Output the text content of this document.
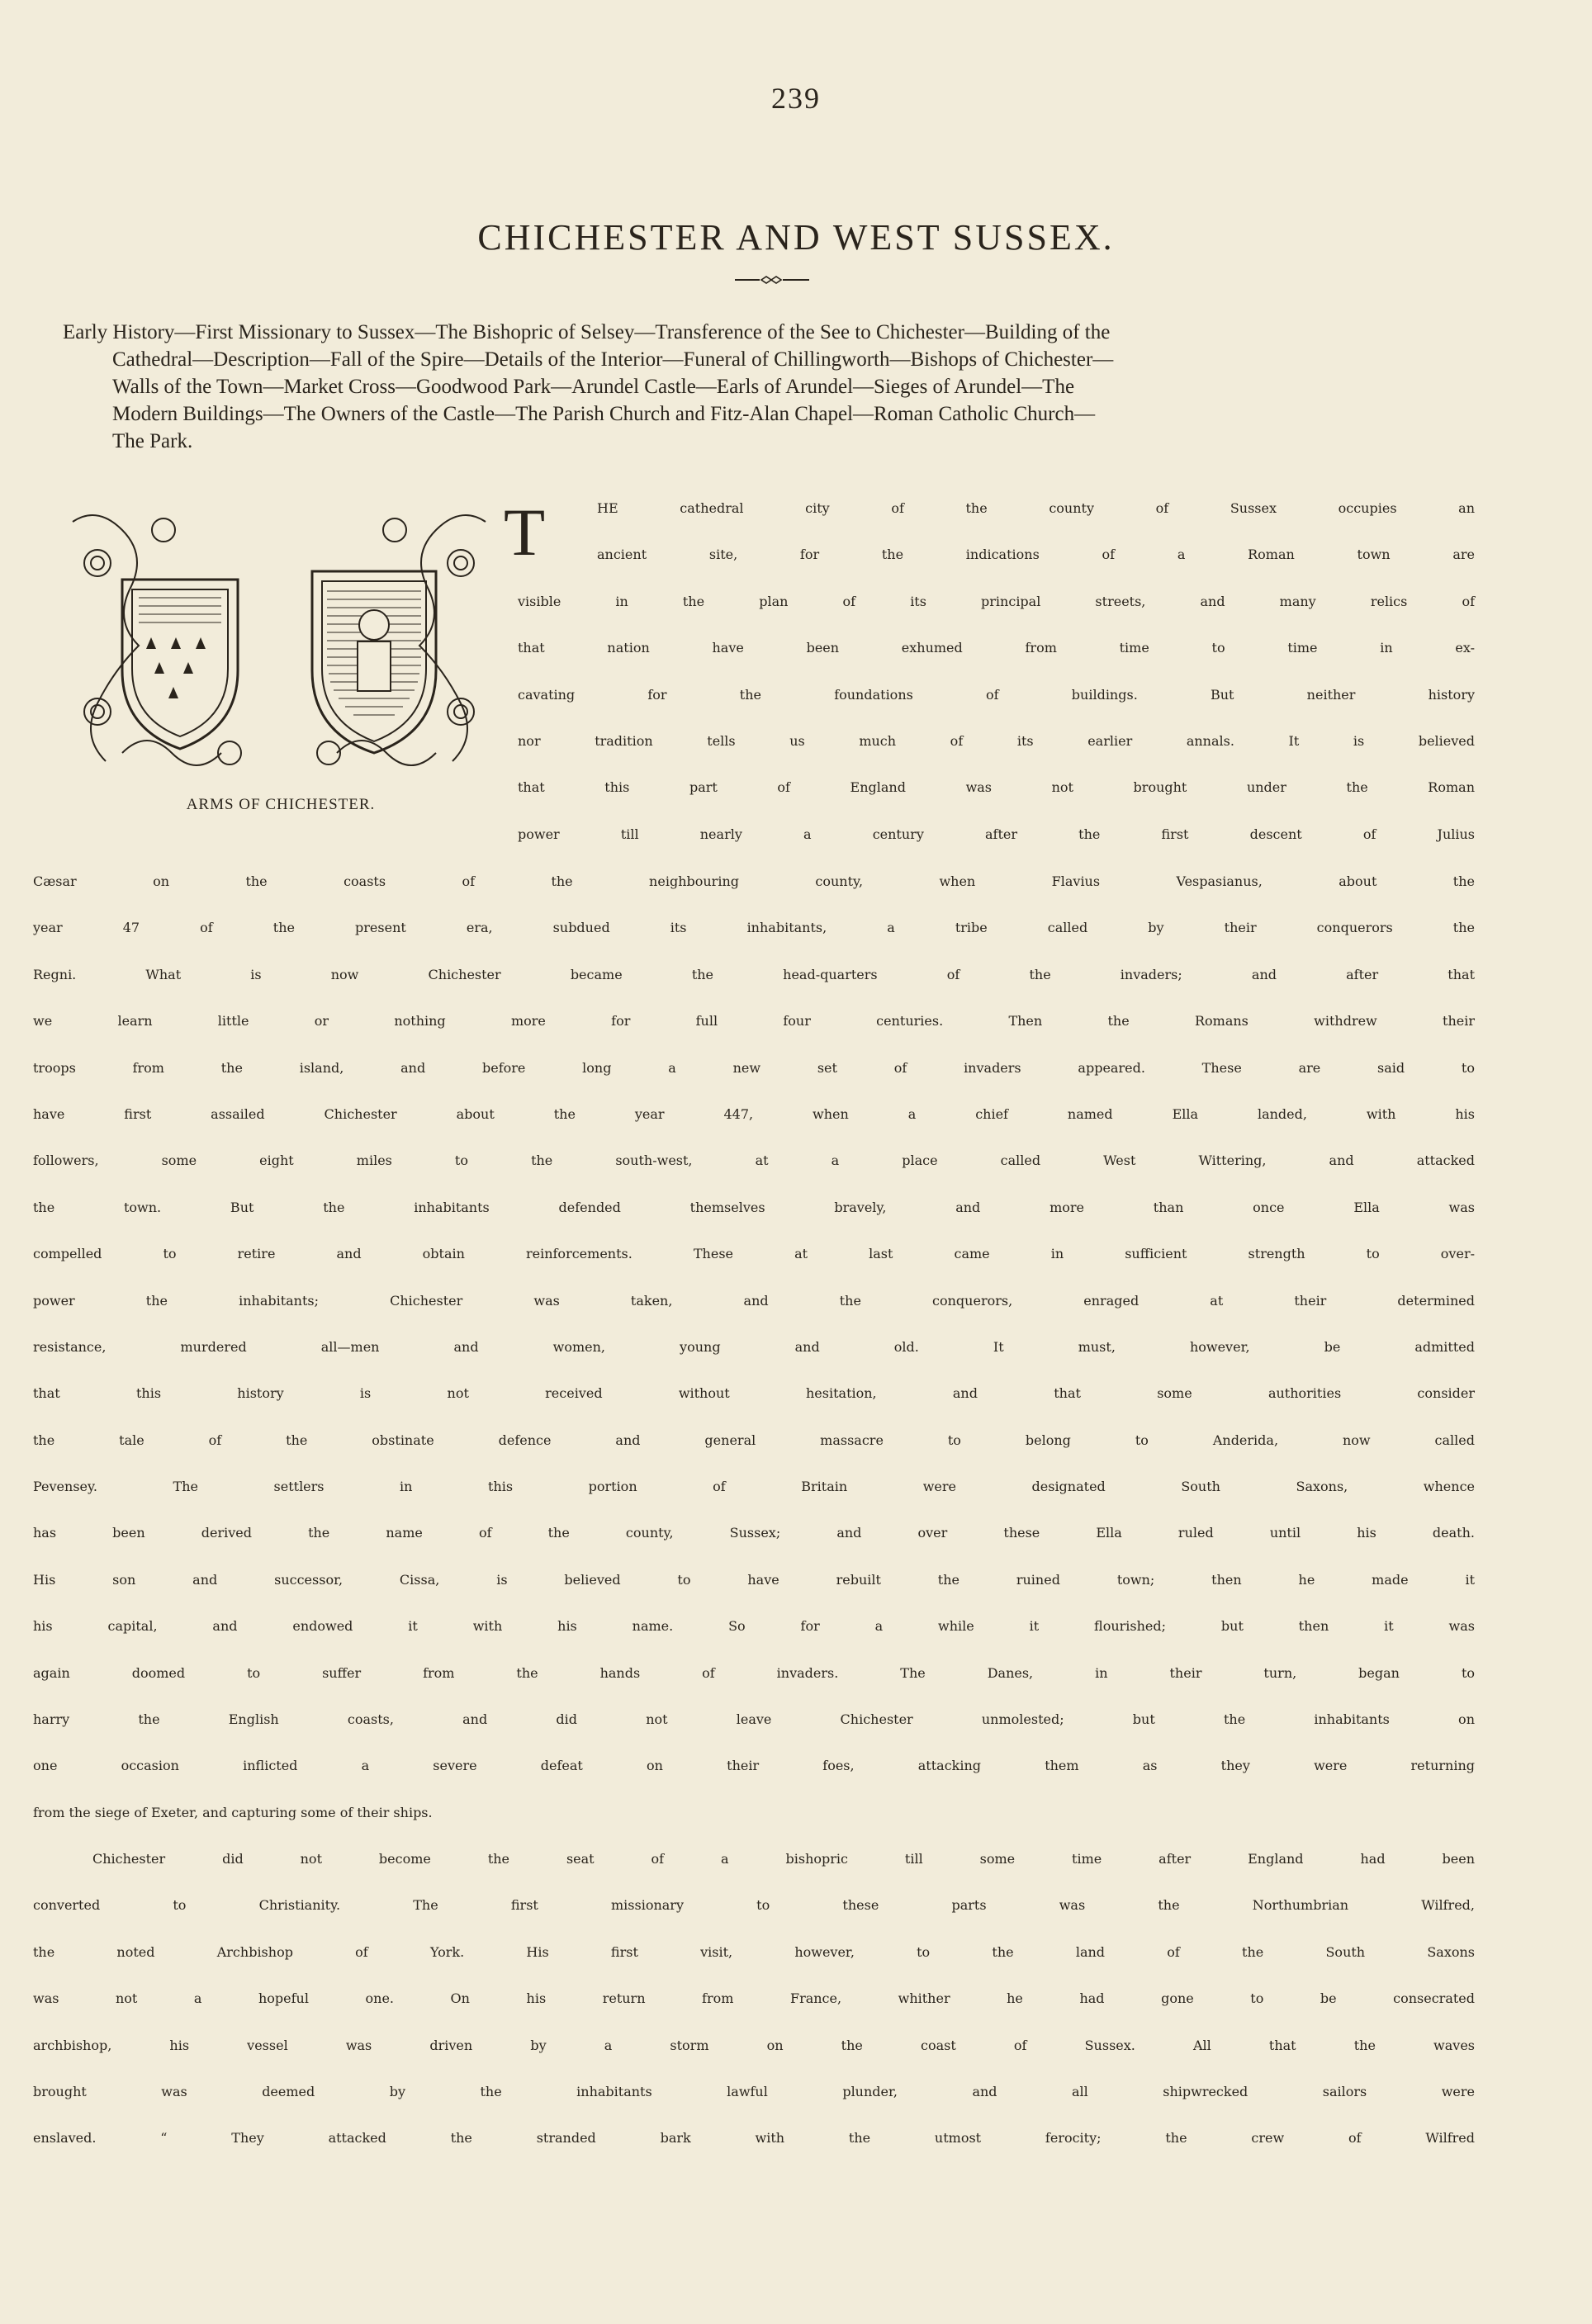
239
CHICHESTER AND WEST SUSSEX.
Early History—First Missionary to Sussex—The Bishopric of Selsey—Transference of the See to Chichester—Building of the
Cathedral—Description—Fall of the Spire—Details of the Interior—Funeral of Chillingworth—Bishops of Chichester—
Walls of the Town—Market Cross—Goodwood Park—Arundel Castle—Earls of Arundel—Sieges of Arundel—The
Modern Buildings—The Owners of the Castle—The Parish Church and Fitz-Alan Chapel—Roman Catholic Church—
The Park.
ARMS OF CHICHESTER.
T	HE cathedral city of the county of Sussex occupies an
ancient site, for the indications of a Roman town are
visible in the plan of its principal streets, and many relics of
that nation have been exhumed from time to time in ex-
cavating for the foundations of buildings. But neither history
nor tradition tells us much of its earlier annals. It is believed
that this part of England was not brought under the Roman
power till nearly a century after the first descent of Julius
Cæsar on the coasts of the neighbouring county, when Flavius Vespasianus, about the
year 47 of the present era, subdued its inhabitants, a tribe called by their conquerors the
Regni. What is now Chichester became the head-quarters of the invaders; and after that
we learn little or nothing more for full four centuries. Then the Romans withdrew their
troops from the island, and before long a new set of invaders appeared. These are said to
have first assailed Chichester about the year 447, when a chief named Ella landed, with his
followers, some eight miles to the south-west, at a place called West Wittering, and attacked
the town. But the inhabitants defended themselves bravely, and more than once Ella was
compelled to retire and obtain reinforcements. These at last came in sufficient strength to over-
power the inhabitants; Chichester was taken, and the conquerors, enraged at their determined
resistance, murdered all—men and women, young and old. It must, however, be admitted
that this history is not received without hesitation, and that some authorities consider
the tale of the obstinate defence and general massacre to belong to Anderida, now called
Pevensey. The settlers in this portion of Britain were designated South Saxons, whence
has been derived the name of the county, Sussex; and over these Ella ruled until his death.
His son and successor, Cissa, is believed to have rebuilt the ruined town; then he made it
his capital, and endowed it with his name. So for a while it flourished; but then it was
again doomed to suffer from the hands of invaders. The Danes, in their turn, began to
harry the English coasts, and did not leave Chichester unmolested; but the inhabitants on
one occasion inflicted a severe defeat on their foes, attacking them as they were returning
from the siege of Exeter, and capturing some of their ships.
Chichester did not become the seat of a bishopric till some time after England had been
converted to Christianity. The first missionary to these parts was the Northumbrian Wilfred,
the noted Archbishop of York. His first visit, however, to the land of the South Saxons
was not a hopeful one. On his return from France, whither he had gone to be consecrated
archbishop, his vessel was driven by a storm on the coast of Sussex. All that the waves
brought was deemed by the inhabitants lawful plunder, and all shipwrecked sailors were
enslaved. “ They attacked the stranded bark with the utmost ferocity; the crew of Wilfred
